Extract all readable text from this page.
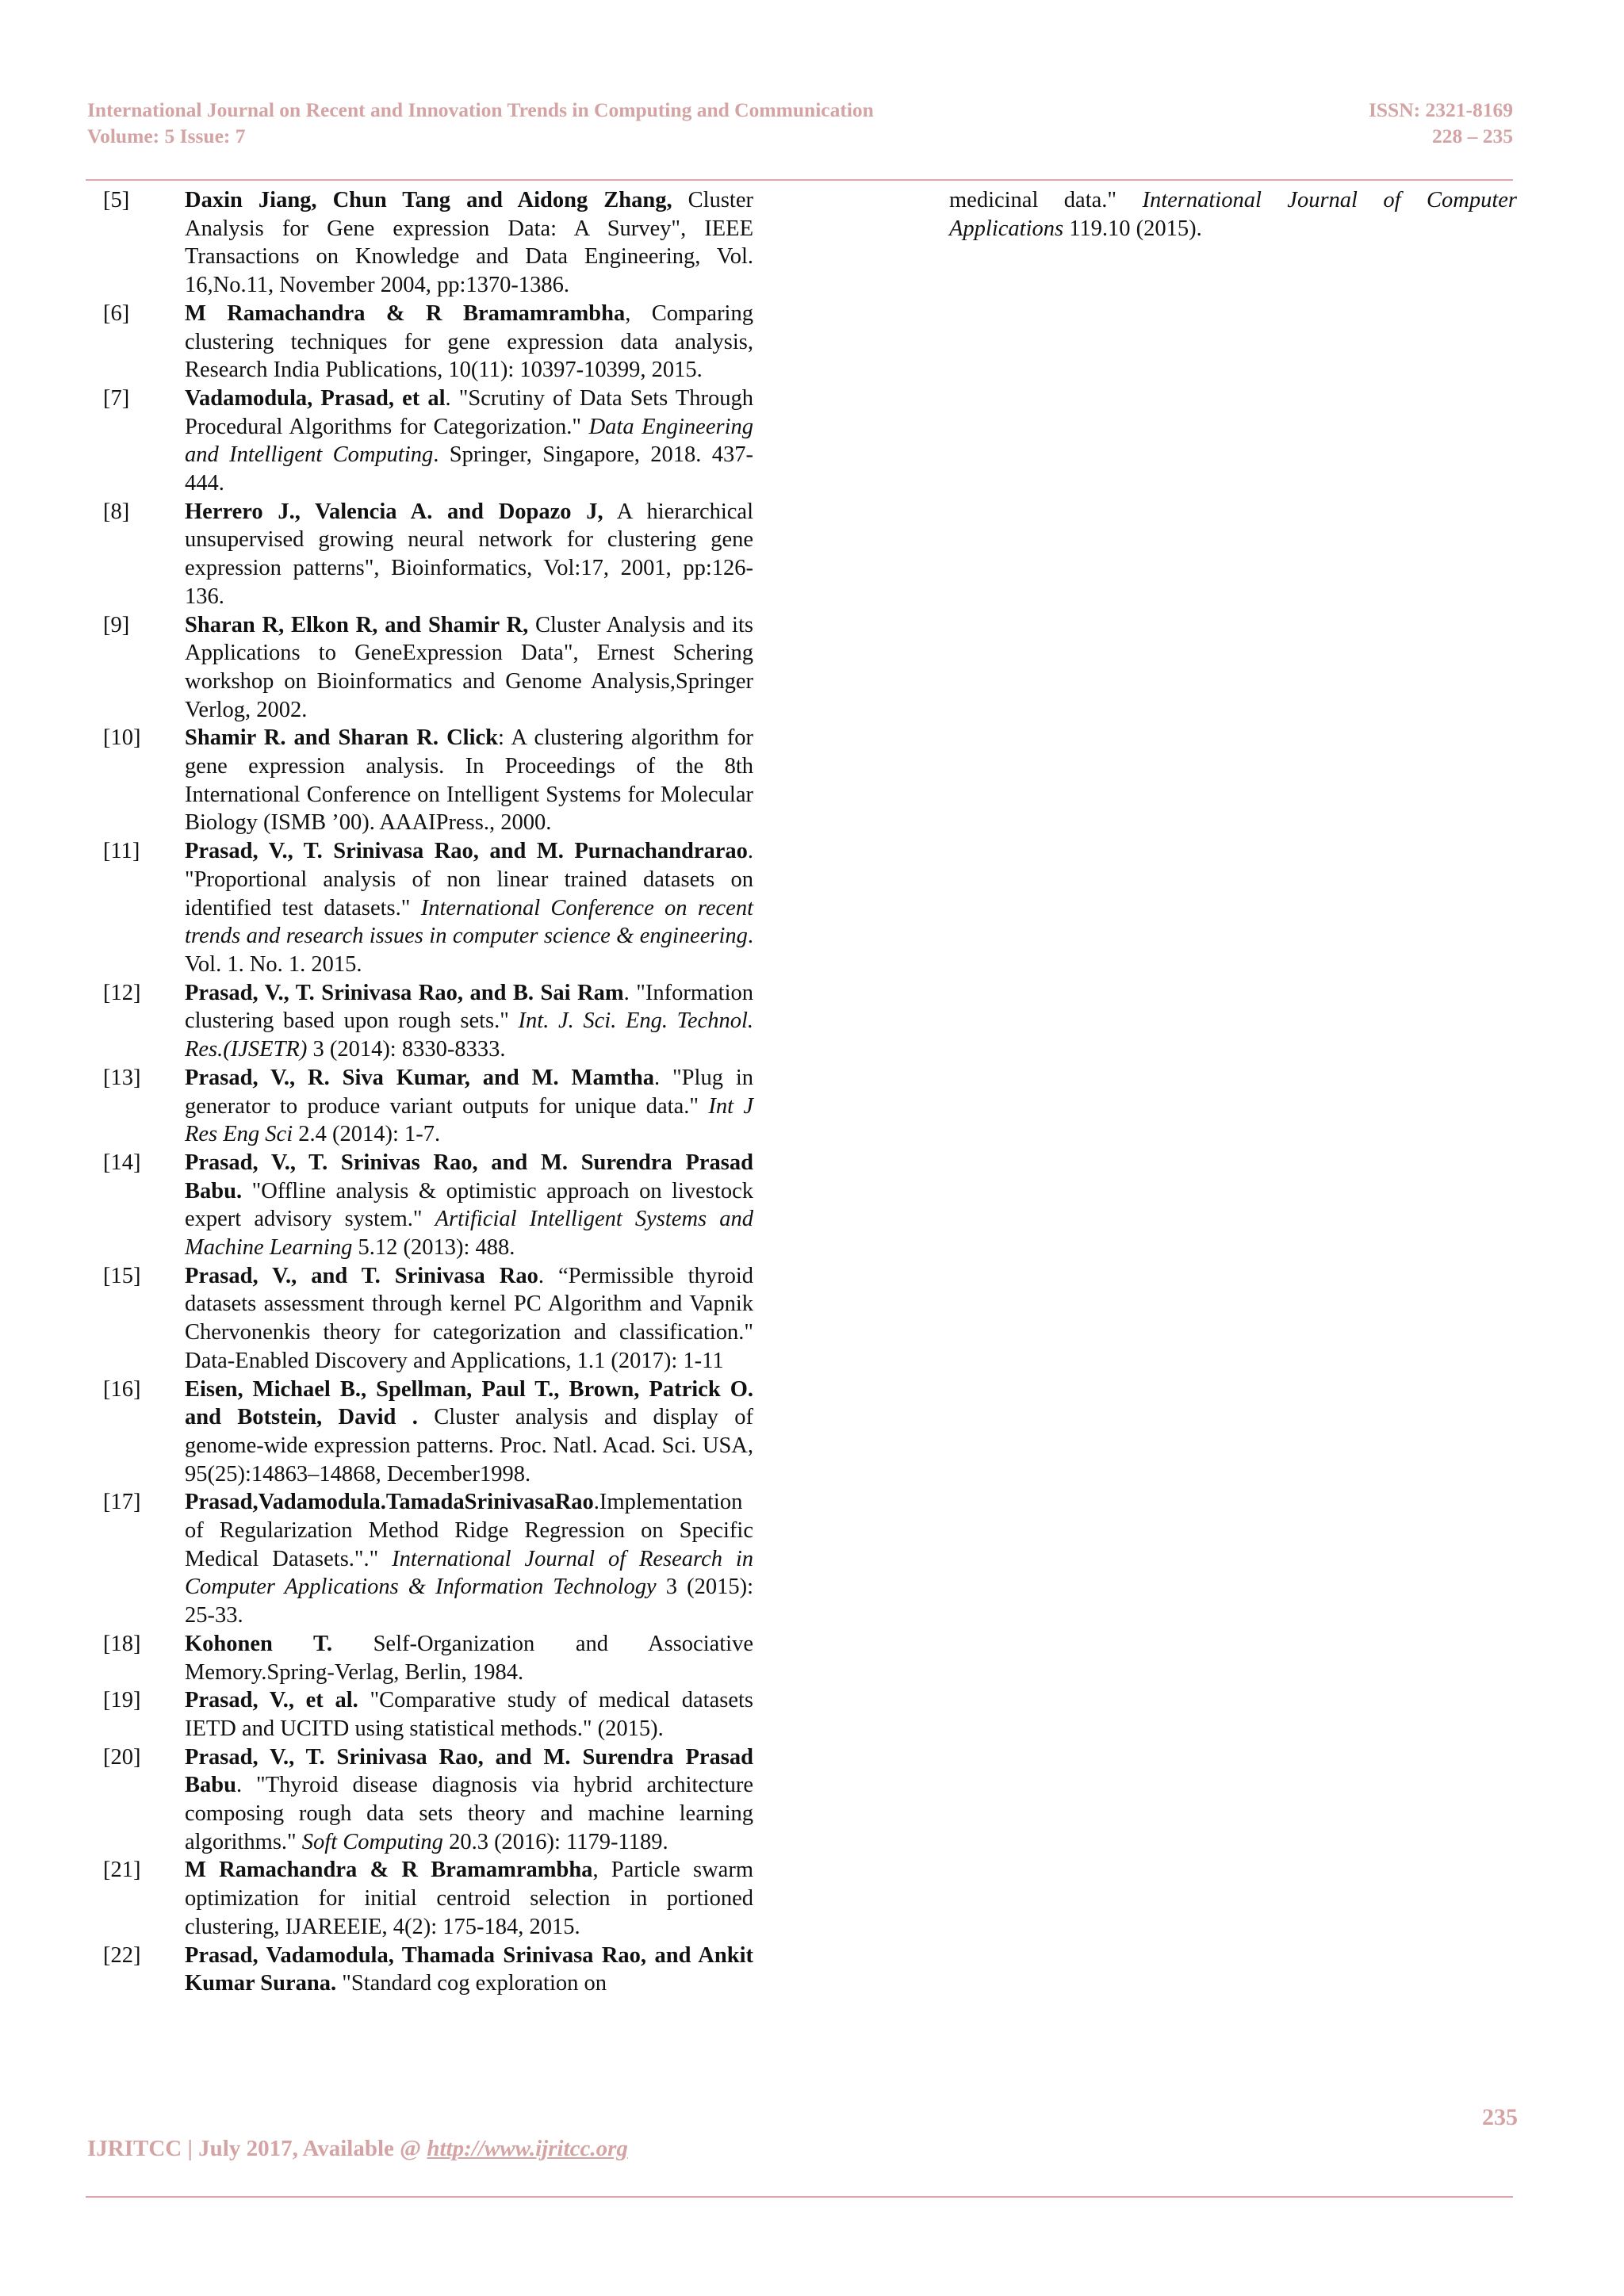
International Journal on Recent and Innovation Trends in Computing and Communication
Volume: 5 Issue: 7
ISSN: 2321-8169
228 – 235
[5]	Daxin Jiang, Chun Tang and Aidong Zhang, Cluster Analysis for Gene expression Data: A Survey", IEEE Transactions on Knowledge and Data Engineering, Vol. 16,No.11, November 2004, pp:1370-1386.
[6]	M Ramachandra & R Bramamrambha, Comparing clustering techniques for gene expression data analysis, Research India Publications, 10(11): 10397-10399, 2015.
[7]	Vadamodula, Prasad, et al. "Scrutiny of Data Sets Through Procedural Algorithms for Categorization." Data Engineering and Intelligent Computing. Springer, Singapore, 2018. 437-444.
[8]	Herrero J., Valencia A. and Dopazo J, A hierarchical unsupervised growing neural network for clustering gene expression patterns", Bioinformatics, Vol:17, 2001, pp:126-136.
[9]	Sharan R, Elkon R, and Shamir R, Cluster Analysis and its Applications to GeneExpression Data", Ernest Schering workshop on Bioinformatics and Genome Analysis,Springer Verlog, 2002.
[10]	Shamir R. and Sharan R. Click: A clustering algorithm for gene expression analysis. In Proceedings of the 8th International Conference on Intelligent Systems for Molecular Biology (ISMB ’00). AAAIPress., 2000.
[11]	Prasad, V., T. Srinivasa Rao, and M. Purnachandrarao. "Proportional analysis of non linear trained datasets on identified test datasets." International Conference on recent trends and research issues in computer science & engineering. Vol. 1. No. 1. 2015.
[12]	Prasad, V., T. Srinivasa Rao, and B. Sai Ram. "Information clustering based upon rough sets." Int. J. Sci. Eng. Technol. Res.(IJSETR) 3 (2014): 8330-8333.
[13]	Prasad, V., R. Siva Kumar, and M. Mamtha. "Plug in generator to produce variant outputs for unique data." Int J Res Eng Sci 2.4 (2014): 1-7.
[14]	Prasad, V., T. Srinivas Rao, and M. Surendra Prasad Babu. "Offline analysis & optimistic approach on livestock expert advisory system." Artificial Intelligent Systems and Machine Learning 5.12 (2013): 488.
[15]	Prasad, V., and T. Srinivasa Rao. “Permissible thyroid datasets assessment through kernel PC Algorithm and Vapnik Chervonenkis theory for categorization and classification." Data-Enabled Discovery and Applications, 1.1 (2017): 1-11
[16]	Eisen, Michael B., Spellman, Paul T., Brown, Patrick O. and Botstein, David . Cluster analysis and display of genome-wide expression patterns. Proc. Natl. Acad. Sci. USA, 95(25):14863–14868, December1998.
[17]	Prasad,Vadamodula.TamadaSrinivasaRao.Implementation of Regularization Method Ridge Regression on Specific Medical Datasets."." International Journal of Research in Computer Applications & Information Technology 3 (2015): 25-33.
[18]	Kohonen T. Self-Organization and Associative Memory.Spring-Verlag, Berlin, 1984.
[19]	Prasad, V., et al. "Comparative study of medical datasets IETD and UCITD using statistical methods." (2015).
[20]	Prasad, V., T. Srinivasa Rao, and M. Surendra Prasad Babu. "Thyroid disease diagnosis via hybrid architecture composing rough data sets theory and machine learning algorithms." Soft Computing 20.3 (2016): 1179-1189.
[21]	M Ramachandra & R Bramamrambha, Particle swarm optimization for initial centroid selection in portioned clustering, IJAREEIE, 4(2): 175-184, 2015.
[22]	Prasad, Vadamodula, Thamada Srinivasa Rao, and Ankit Kumar Surana. "Standard cog exploration on
medicinal data." International Journal of Computer Applications 119.10 (2015).
235
IJRITCC | July 2017, Available @ http://www.ijritcc.org
